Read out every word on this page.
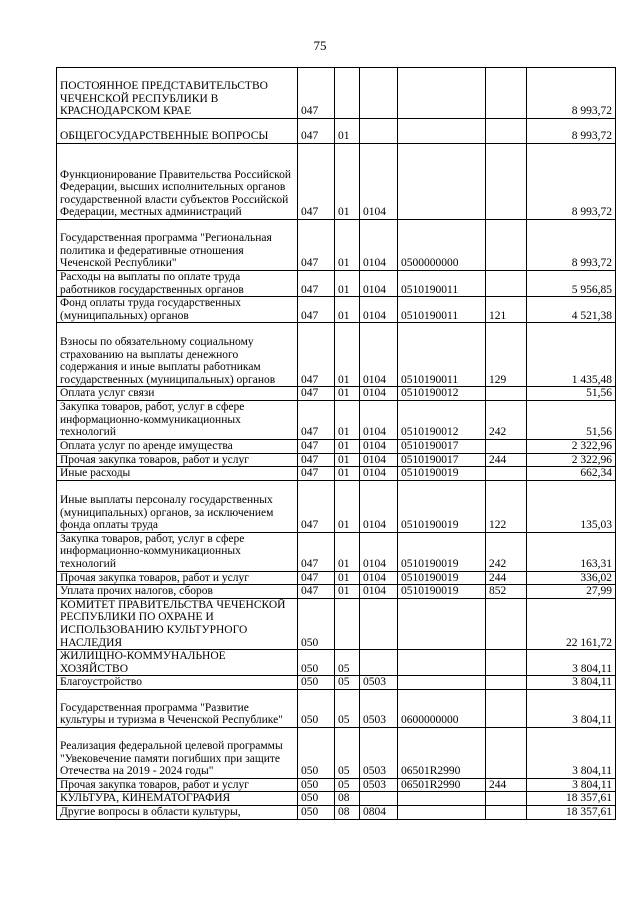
75
ПОСТОЯННОЕ ПРЕДСТАВИТЕЛЬСТВО ЧЕЧЕНСКОЙ РЕСПУБЛИКИ В КРАСНОДАРСКОМ КРАЕ	047					8 993,72
ОБЩЕГОСУДАРСТВЕННЫЕ ВОПРОСЫ	047	01				8 993,72
Функционирование Правительства Российской Федерации, высших исполнительных органов государственной власти субъектов Российской Федерации, местных администраций	047	01	0104			8 993,72
Государственная программа "Региональная политика и федеративные отношения Чеченской Республики"	047	01	0104	0500000000		8 993,72
Расходы на выплаты по оплате труда работников государственных органов	047	01	0104	0510190011		5 956,85
Фонд оплаты труда государственных (муниципальных) органов	047	01	0104	0510190011	121	4 521,38
Взносы по обязательному социальному страхованию на выплаты денежного содержания и иные выплаты работникам государственных (муниципальных) органов	047	01	0104	0510190011	129	1 435,48
Оплата услуг связи	047	01	0104	0510190012		51,56
Закупка товаров, работ, услуг в сфере информационно-коммуникационных технологий	047	01	0104	0510190012	242	51,56
Оплата услуг по аренде имущества	047	01	0104	0510190017		2 322,96
Прочая закупка товаров, работ и услуг	047	01	0104	0510190017	244	2 322,96
Иные расходы	047	01	0104	0510190019		662,34
Иные выплаты персоналу государственных (муниципальных) органов, за исключением фонда оплаты труда	047	01	0104	0510190019	122	135,03
Закупка товаров, работ, услуг в сфере информационно-коммуникационных технологий	047	01	0104	0510190019	242	163,31
Прочая закупка товаров, работ и услуг	047	01	0104	0510190019	244	336,02
Уплата прочих налогов, сборов	047	01	0104	0510190019	852	27,99
КОМИТЕТ ПРАВИТЕЛЬСТВА ЧЕЧЕНСКОЙ РЕСПУБЛИКИ ПО ОХРАНЕ И ИСПОЛЬЗОВАНИЮ КУЛЬТУРНОГО НАСЛЕДИЯ	050					22 161,72
ЖИЛИЩНО-КОММУНАЛЬНОЕ ХОЗЯЙСТВО	050	05				3 804,11
Благоустройство	050	05	0503			3 804,11
Государственная программа "Развитие культуры и туризма в Чеченской Республике"	050	05	0503	0600000000		3 804,11
Реализация федеральной целевой программы "Увековечение памяти погибших при защите Отечества на 2019 - 2024 годы"	050	05	0503	06501R2990		3 804,11
Прочая закупка товаров, работ и услуг	050	05	0503	06501R2990	244	3 804,11
КУЛЬТУРА, КИНЕМАТОГРАФИЯ	050	08				18 357,61
Другие вопросы в области культуры,	050	08	0804			18 357,61
